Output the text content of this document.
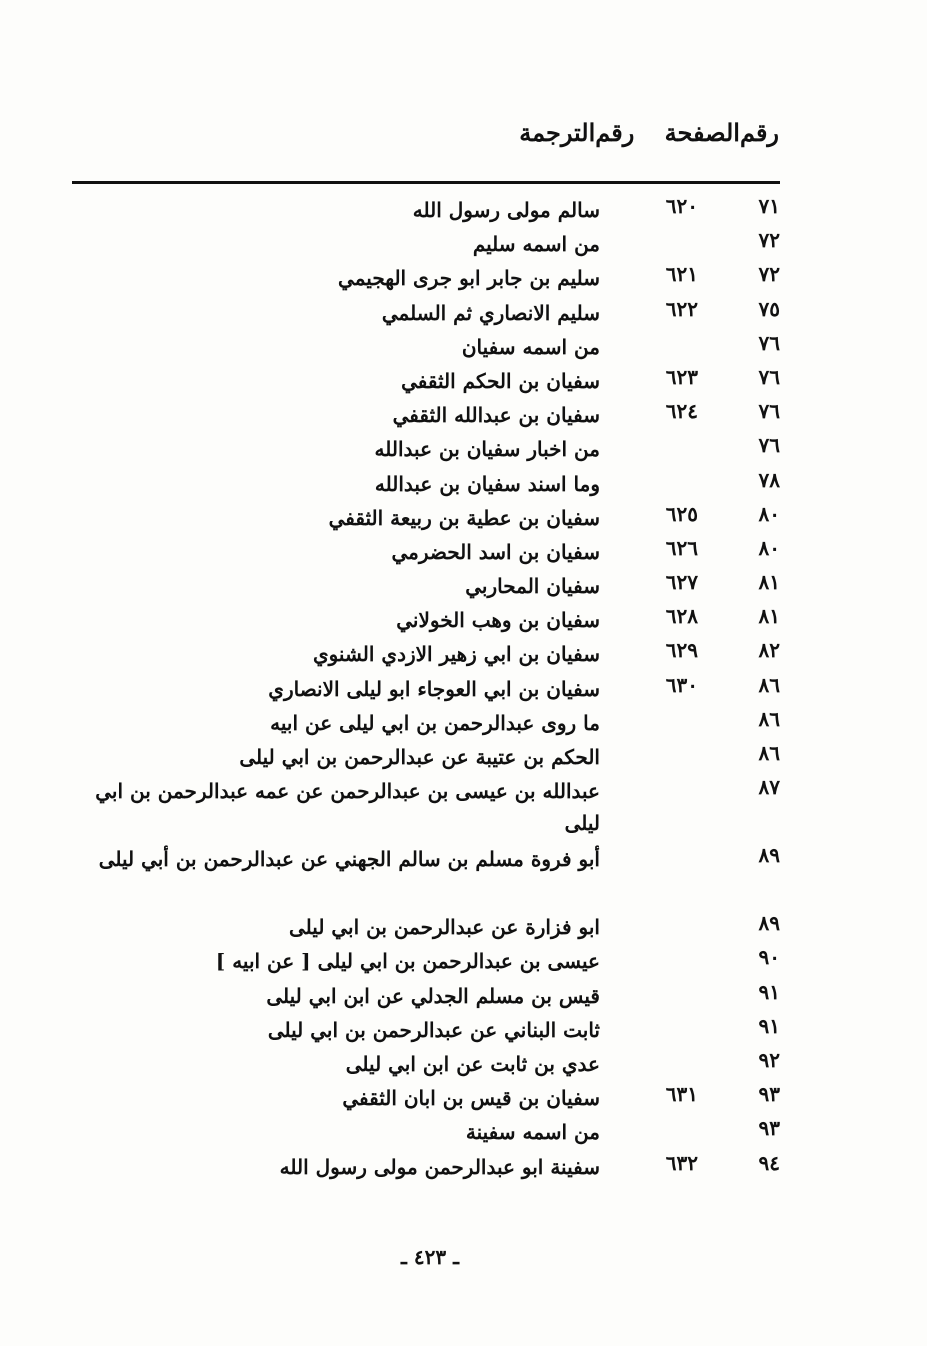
رقم‌الصفحة رقم‌الترجمة
٧١
٦٢٠
سالم مولى رسول الله
٧٢
من اسمه سليم
٧٢
٦٢١
سليم بن جابر ابو جرى الهجيمي
٧٥
٦٢٢
سليم الانصاري ثم السلمي
٧٦
من اسمه سفيان
٧٦
٦٢٣
سفيان بن الحكم الثقفي
٧٦
٦٢٤
سفيان بن عبدالله الثقفي
٧٦
من اخبار سفيان بن عبدالله
٧٨
وما اسند سفيان بن عبدالله
٨٠
٦٢٥
سفيان بن عطية بن ربيعة الثقفي
٨٠
٦٢٦
سفيان بن اسد الحضرمي
٨١
٦٢٧
سفيان المحاربي
٨١
٦٢٨
سفيان بن وهب الخولاني
٨٢
٦٢٩
سفيان بن ابي زهير الازدي الشنوي
٨٦
٦٣٠
سفيان بن ابي العوجاء ابو ليلى الانصاري
٨٦
ما روى عبدالرحمن بن ابي ليلى عن ابيه
٨٦
الحكم بن عتيبة عن عبدالرحمن بن ابي ليلى
٨٧
عبدالله بن عيسى بن عبدالرحمن عن عمه عبدالرحمن بن ابي ليلى
٨٩
أبو فروة مسلم بن سالم الجهني عن عبدالرحمن بن أبي ليلى
٨٩
ابو فزارة عن عبدالرحمن بن ابي ليلى
٩٠
عيسى بن عبدالرحمن بن ابي ليلى [ عن ابيه ]
٩١
قيس بن مسلم الجدلي عن ابن ابي ليلى
٩١
ثابت البناني عن عبدالرحمن بن ابي ليلى
٩٢
عدي بن ثابت عن ابن ابي ليلى
٩٣
٦٣١
سفيان بن قيس بن ابان الثقفي
٩٣
من اسمه سفينة
٩٤
٦٣٢
سفينة ابو عبدالرحمن مولى رسول الله
ـ ٤٢٣ ـ
